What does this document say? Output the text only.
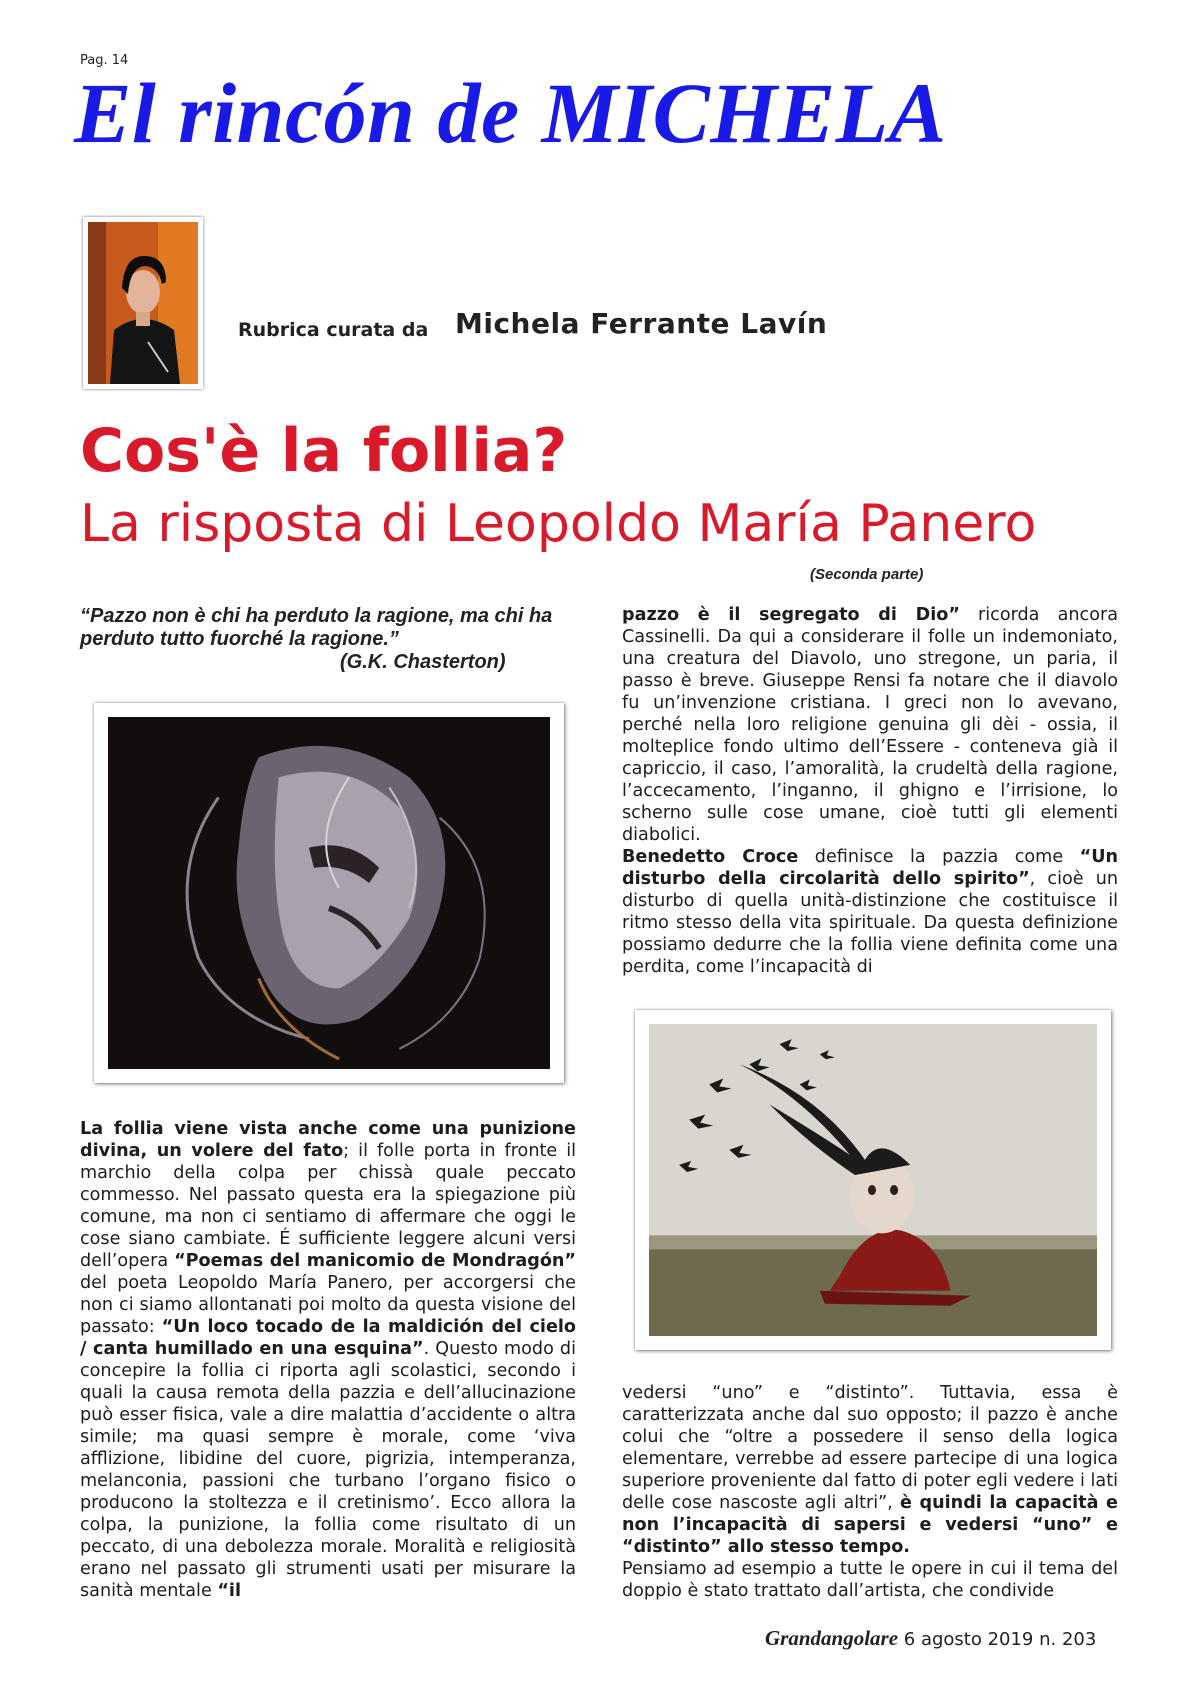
Pag. 14
El rincón de MICHELA
Rubrica curata da Michela Ferrante Lavín
Cos'è la follia?
La risposta di Leopoldo María Panero
(Seconda parte)
“Pazzo non è chi ha perduto la ragione, ma chi ha perduto tutto fuorché la ragione.”
(G.K. Chasterton)

La follia viene vista anche come una punizione divina, un volere del fato; il folle porta in fronte il marchio della colpa per chissà quale peccato commesso. Nel passato questa era la spiegazione più comune, ma non ci sentiamo di affermare che oggi le cose siano cambiate. É sufficiente leggere alcuni versi dell’opera “Poemas del manicomio de Mondragón” del poeta Leopoldo María Panero, per accorgersi che non ci siamo allontanati poi molto da questa visione del passato: “Un loco tocado de la maldición del cielo / canta humillado en una esquina”. Questo modo di concepire la follia ci riporta agli scolastici, secondo i quali la causa remota della pazzia e dell’allucinazione può esser fisica, vale a dire malattia d’accidente o altra simile; ma quasi sempre è morale, come ‘viva afflizione, libidine del cuore, pigrizia, intemperanza, melanconia, passioni che turbano l’organo fisico o producono la stoltezza e il cretinismo’. Ecco allora la colpa, la punizione, la follia come risultato di un peccato, di una debolezza morale. Moralità e religiosità erano nel passato gli strumenti usati per misurare la sanità mentale “il

pazzo è il segregato di Dio” ricorda ancora Cassinelli. Da qui a considerare il folle un indemoniato, una creatura del Diavolo, uno stregone, un paria, il passo è breve. Giuseppe Rensi fa notare che il diavolo fu un’invenzione cristiana. I greci non lo avevano, perché nella loro religione genuina gli dèi - ossia, il molteplice fondo ultimo dell’Essere - conteneva già il capriccio, il caso, l’amoralità, la crudeltà della ragione, l’accecamento, l’inganno, il ghigno e l’irrisione, lo scherno sulle cose umane, cioè tutti gli elementi diabolici.

Benedetto Croce definisce la pazzia come “Un disturbo della circolarità dello spirito”, cioè un disturbo di quella unità-distinzione che costituisce il ritmo stesso della vita spirituale. Da questa definizione possiamo dedurre che la follia viene definita come una perdita, come l’incapacità di

vedersi “uno” e “distinto”. Tuttavia, essa è caratterizzata anche dal suo opposto; il pazzo è anche colui che “oltre a possedere il senso della logica elementare, verrebbe ad essere partecipe di una logica superiore proveniente dal fatto di poter egli vedere i lati delle cose nascoste agli altri”, è quindi la capacità e non l’incapacità di sapersi e vedersi “uno” e “distinto” allo stesso tempo.

Pensiamo ad esempio a tutte le opere in cui il tema del doppio è stato trattato dall’artista, che condivide

Grandangolare 6 agosto 2019 n. 203
